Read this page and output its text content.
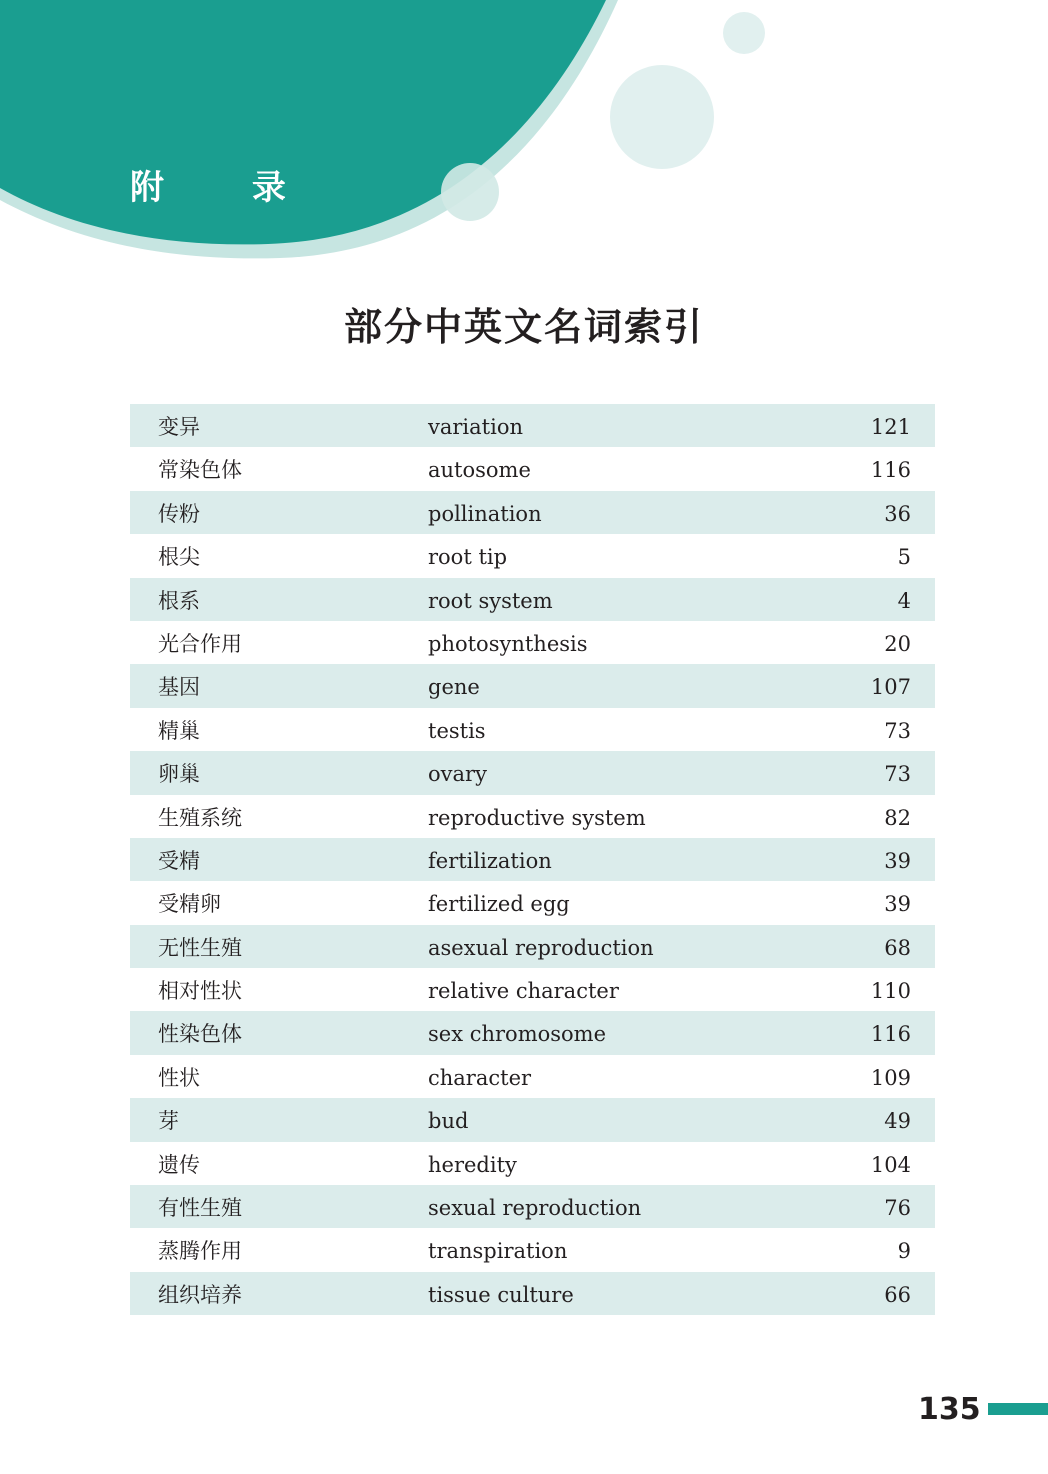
附 录
部分中英文名词索引
变异	variation	121
常染色体	autosome	116
传粉	pollination	36
根尖	root tip	5
根系	root system	4
光合作用	photosynthesis	20
基因	gene	107
精巢	testis	73
卵巢	ovary	73
生殖系统	reproductive system	82
受精	fertilization	39
受精卵	fertilized egg	39
无性生殖	asexual reproduction	68
相对性状	relative character	110
性染色体	sex chromosome	116
性状	character	109
芽	bud	49
遗传	heredity	104
有性生殖	sexual reproduction	76
蒸腾作用	transpiration	9
组织培养	tissue culture	66
135
